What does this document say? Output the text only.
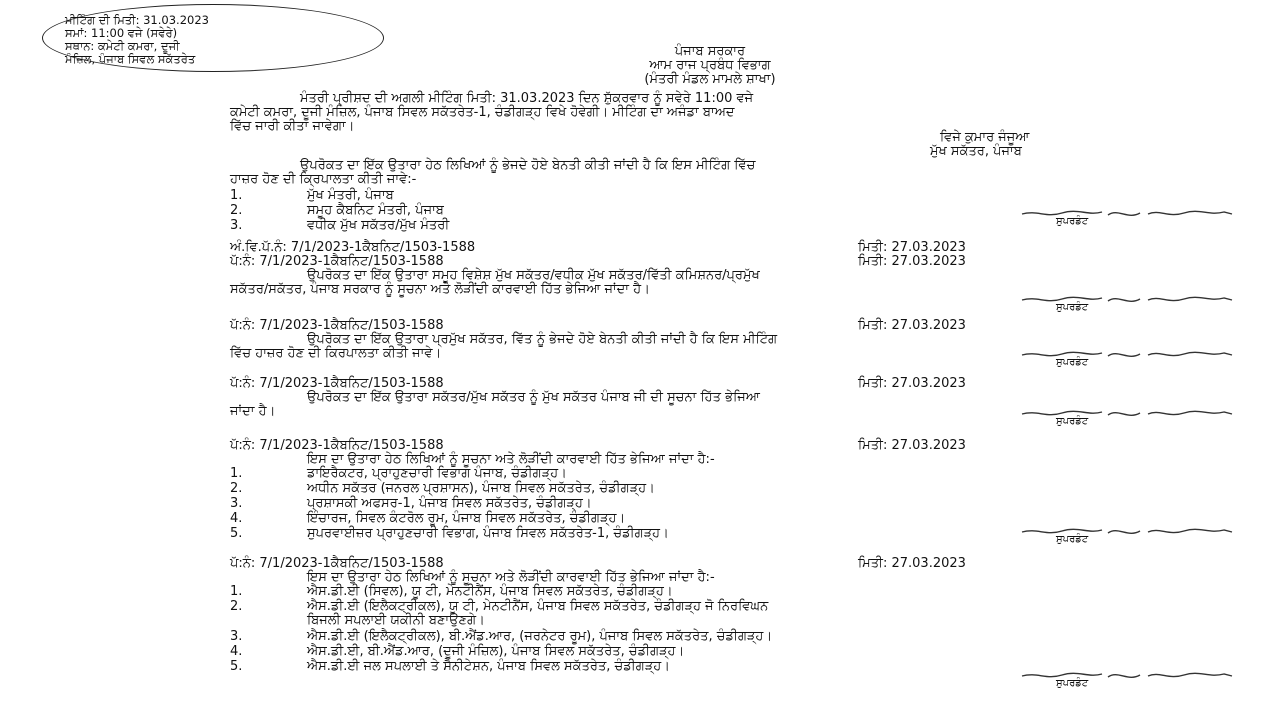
ਮੀਟਿੰਗ ਦੀ ਮਿਤੀ: 31.03.2023
ਸਮਾਂ: 11:00 ਵਜੇ (ਸਵੇਰੇ)
ਸਥਾਨ: ਕਮੇਟੀ ਕਮਰਾ, ਦੂਜੀ
ਮੰਜ਼ਿਲ, ਪੰਜਾਬ ਸਿਵਲ ਸਕੱਤਰੇਤ	ਪੰਜਾਬ ਸਰਕਾਰ
ਆਮ ਰਾਜ ਪ੍ਰਬੰਧ ਵਿਭਾਗ
(ਮੰਤਰੀ ਮੰਡਲ ਮਾਮਲੇ ਸ਼ਾਖਾ)
ਮੰਤਰੀ ਪ੍ਰੀਸ਼ਦ ਦੀ ਅਗਲੀ ਮੀਟਿੰਗ ਮਿਤੀ: 31.03.2023 ਦਿਨ ਸ਼ੁੱਕਰਵਾਰ ਨੂੰ ਸਵੇਰੇ 11:00 ਵਜੇ
ਕਮੇਟੀ ਕਮਰਾ, ਦੂਜੀ ਮੰਜ਼ਿਲ, ਪੰਜਾਬ ਸਿਵਲ ਸਕੱਤਰੇਤ-1, ਚੰਡੀਗੜ੍ਹ ਵਿਖੇ ਹੋਵੇਗੀ। ਮੀਟਿੰਗ ਦਾ ਅਜੰਡਾ ਬਾਅਦ
ਵਿੱਚ ਜਾਰੀ ਕੀਤਾ ਜਾਵੇਗਾ।
ਵਿਜੇ ਕੁਮਾਰ ਜੰਜੂਆ
ਮੁੱਖ ਸਕੱਤਰ, ਪੰਜਾਬ
ਉਪਰੋਕਤ ਦਾ ਇੱਕ ਉਤਾਰਾ ਹੇਠ ਲਿਖਿਆਂ ਨੂੰ ਭੇਜਦੇ ਹੋਏ ਬੇਨਤੀ ਕੀਤੀ ਜਾਂਦੀ ਹੈ ਕਿ ਇਸ ਮੀਟਿੰਗ ਵਿੱਚ
ਹਾਜ਼ਰ ਹੋਣ ਦੀ ਕ੍ਰਿਪਾਲਤਾ ਕੀਤੀ ਜਾਵੇ:-
1.	ਮੁੱਖ ਮੰਤਰੀ, ਪੰਜਾਬ
2.	ਸਮੂਹ ਕੈਬਨਿਟ ਮੰਤਰੀ, ਪੰਜਾਬ
3.	ਵਧੀਕ ਮੁੱਖ ਸਕੱਤਰ/ਮੁੱਖ ਮੰਤਰੀ	ਸੁਪਰਡੰਟ
ਅੰ.ਵਿ.ਪੱ.ਨੰ: 7/1/2023-1ਕੈਬਨਿਟ/1503-1588	ਮਿਤੀ: 27.03.2023
ਪੱ:ਨੰ: 7/1/2023-1ਕੈਬਨਿਟ/1503-1588	ਮਿਤੀ: 27.03.2023
ਉਪਰੋਕਤ ਦਾ ਇੱਕ ਉਤਾਰਾ ਸਮੂਹ ਵਿਸ਼ੇਸ਼ ਮੁੱਖ ਸਕੱਤਰ/ਵਧੀਕ ਮੁੱਖ ਸਕੱਤਰ/ਵਿੱਤੀ ਕਮਿਸ਼ਨਰ/ਪ੍ਰਮੁੱਖ
ਸਕੱਤਰ/ਸਕੱਤਰ, ਪੰਜਾਬ ਸਰਕਾਰ ਨੂੰ ਸੂਚਨਾ ਅਤੇ ਲੋੜੀਂਦੀ ਕਾਰਵਾਈ ਹਿੱਤ ਭੇਜਿਆ ਜਾਂਦਾ ਹੈ।
ਸੁਪਰਡੰਟ
ਪੱ:ਨੰ: 7/1/2023-1ਕੈਬਨਿਟ/1503-1588	ਮਿਤੀ: 27.03.2023
ਉਪਰੋਕਤ ਦਾ ਇੱਕ ਉਤਾਰਾ ਪ੍ਰਮੁੱਖ ਸਕੱਤਰ, ਵਿੱਤ ਨੂੰ ਭੇਜਦੇ ਹੋਏ ਬੇਨਤੀ ਕੀਤੀ ਜਾਂਦੀ ਹੈ ਕਿ ਇਸ ਮੀਟਿੰਗ
ਵਿੱਚ ਹਾਜ਼ਰ ਹੋਣ ਦੀ ਕਿਰਪਾਲਤਾ ਕੀਤੀ ਜਾਵੇ।
ਸੁਪਰਡੰਟ
ਪੱ:ਨੰ: 7/1/2023-1ਕੈਬਨਿਟ/1503-1588	ਮਿਤੀ: 27.03.2023
ਉਪਰੋਕਤ ਦਾ ਇੱਕ ਉਤਾਰਾ ਸਕੱਤਰ/ਮੁੱਖ ਸਕੱਤਰ ਨੂੰ ਮੁੱਖ ਸਕੱਤਰ ਪੰਜਾਬ ਜੀ ਦੀ ਸੂਚਨਾ ਹਿੱਤ ਭੇਜਿਆ
ਜਾਂਦਾ ਹੈ।
ਸੁਪਰਡੰਟ
ਪੱ:ਨੰ: 7/1/2023-1ਕੈਬਨਿਟ/1503-1588	ਮਿਤੀ: 27.03.2023
ਇਸ ਦਾ ਉਤਾਰਾ ਹੇਠ ਲਿਖਿਆਂ ਨੂੰ ਸੂਚਨਾ ਅਤੇ ਲੋੜੀਂਦੀ ਕਾਰਵਾਈ ਹਿੱਤ ਭੇਜਿਆ ਜਾਂਦਾ ਹੈ:-
1.	ਡਾਇਰੈਕਟਰ, ਪ੍ਰਾਹੁਣਚਾਰੀ ਵਿਭਾਗ ਪੰਜਾਬ, ਚੰਡੀਗੜ੍ਹ।
2.	ਅਧੀਨ ਸਕੱਤਰ (ਜਨਰਲ ਪ੍ਰਸ਼ਾਸਨ), ਪੰਜਾਬ ਸਿਵਲ ਸਕੱਤਰੇਤ, ਚੰਡੀਗੜ੍ਹ।
3.	ਪ੍ਰਸ਼ਾਸਕੀ ਅਫਸਰ-1, ਪੰਜਾਬ ਸਿਵਲ ਸਕੱਤਰੇਤ, ਚੰਡੀਗੜ੍ਹ।
4.	ਇੰਚਾਰਜ, ਸਿਵਲ ਕੰਟਰੋਲ ਰੂਮ, ਪੰਜਾਬ ਸਿਵਲ ਸਕੱਤਰੇਤ, ਚੰਡੀਗੜ੍ਹ।
5.	ਸੁਪਰਵਾਈਜ਼ਰ ਪ੍ਰਾਹੁਣਚਾਰੀ ਵਿਭਾਗ, ਪੰਜਾਬ ਸਿਵਲ ਸਕੱਤਰੇਤ-1, ਚੰਡੀਗੜ੍ਹ।	ਸੁਪਰਡੰਟ
ਪੱ:ਨੰ: 7/1/2023-1ਕੈਬਨਿਟ/1503-1588	ਮਿਤੀ: 27.03.2023
ਇਸ ਦਾ ਉਤਾਰਾ ਹੇਠ ਲਿਖਿਆਂ ਨੂੰ ਸੂਚਨਾ ਅਤੇ ਲੋੜੀਂਦੀ ਕਾਰਵਾਈ ਹਿੱਤ ਭੇਜਿਆ ਜਾਂਦਾ ਹੈ:-
1.	ਐਸ.ਡੀ.ਈ (ਸਿਵਲ), ਯੂ ਟੀ, ਮੇਨਟੀਨੈਂਸ, ਪੰਜਾਬ ਸਿਵਲ ਸਕੱਤਰੇਤ, ਚੰਡੀਗੜ੍ਹ।
2.	ਐਸ.ਡੀ.ਈ (ਇਲੈਕਟ੍ਰੀਕਲ), ਯੂ ਟੀ, ਮੇਨਟੀਨੈਂਸ, ਪੰਜਾਬ ਸਿਵਲ ਸਕੱਤਰੇਤ, ਚੰਡੀਗੜ੍ਹ ਜੋ ਨਿਰਵਿਘਨ
ਬਿਜਲੀ ਸਪਲਾਈ ਯਕੀਨੀ ਬਣਾਉਣਗੇ।
3.	ਐਸ.ਡੀ.ਈ (ਇਲੈਕਟ੍ਰੀਕਲ), ਬੀ.ਐਂਡ.ਆਰ, (ਜਰਨੇਟਰ ਰੂਮ), ਪੰਜਾਬ ਸਿਵਲ ਸਕੱਤਰੇਤ, ਚੰਡੀਗੜ੍ਹ।
4.	ਐਸ.ਡੀ.ਈ, ਬੀ.ਐਂਡ.ਆਰ, (ਦੂਜੀ ਮੰਜ਼ਿਲ), ਪੰਜਾਬ ਸਿਵਲ ਸਕੱਤਰੇਤ, ਚੰਡੀਗੜ੍ਹ।
5.	ਐਸ.ਡੀ.ਈ ਜਲ ਸਪਲਾਈ ਤੇ ਸੈਨੀਟੇਸ਼ਨ, ਪੰਜਾਬ ਸਿਵਲ ਸਕੱਤਰੇਤ, ਚੰਡੀਗੜ੍ਹ।
ਸੁਪਰਡੰਟ
